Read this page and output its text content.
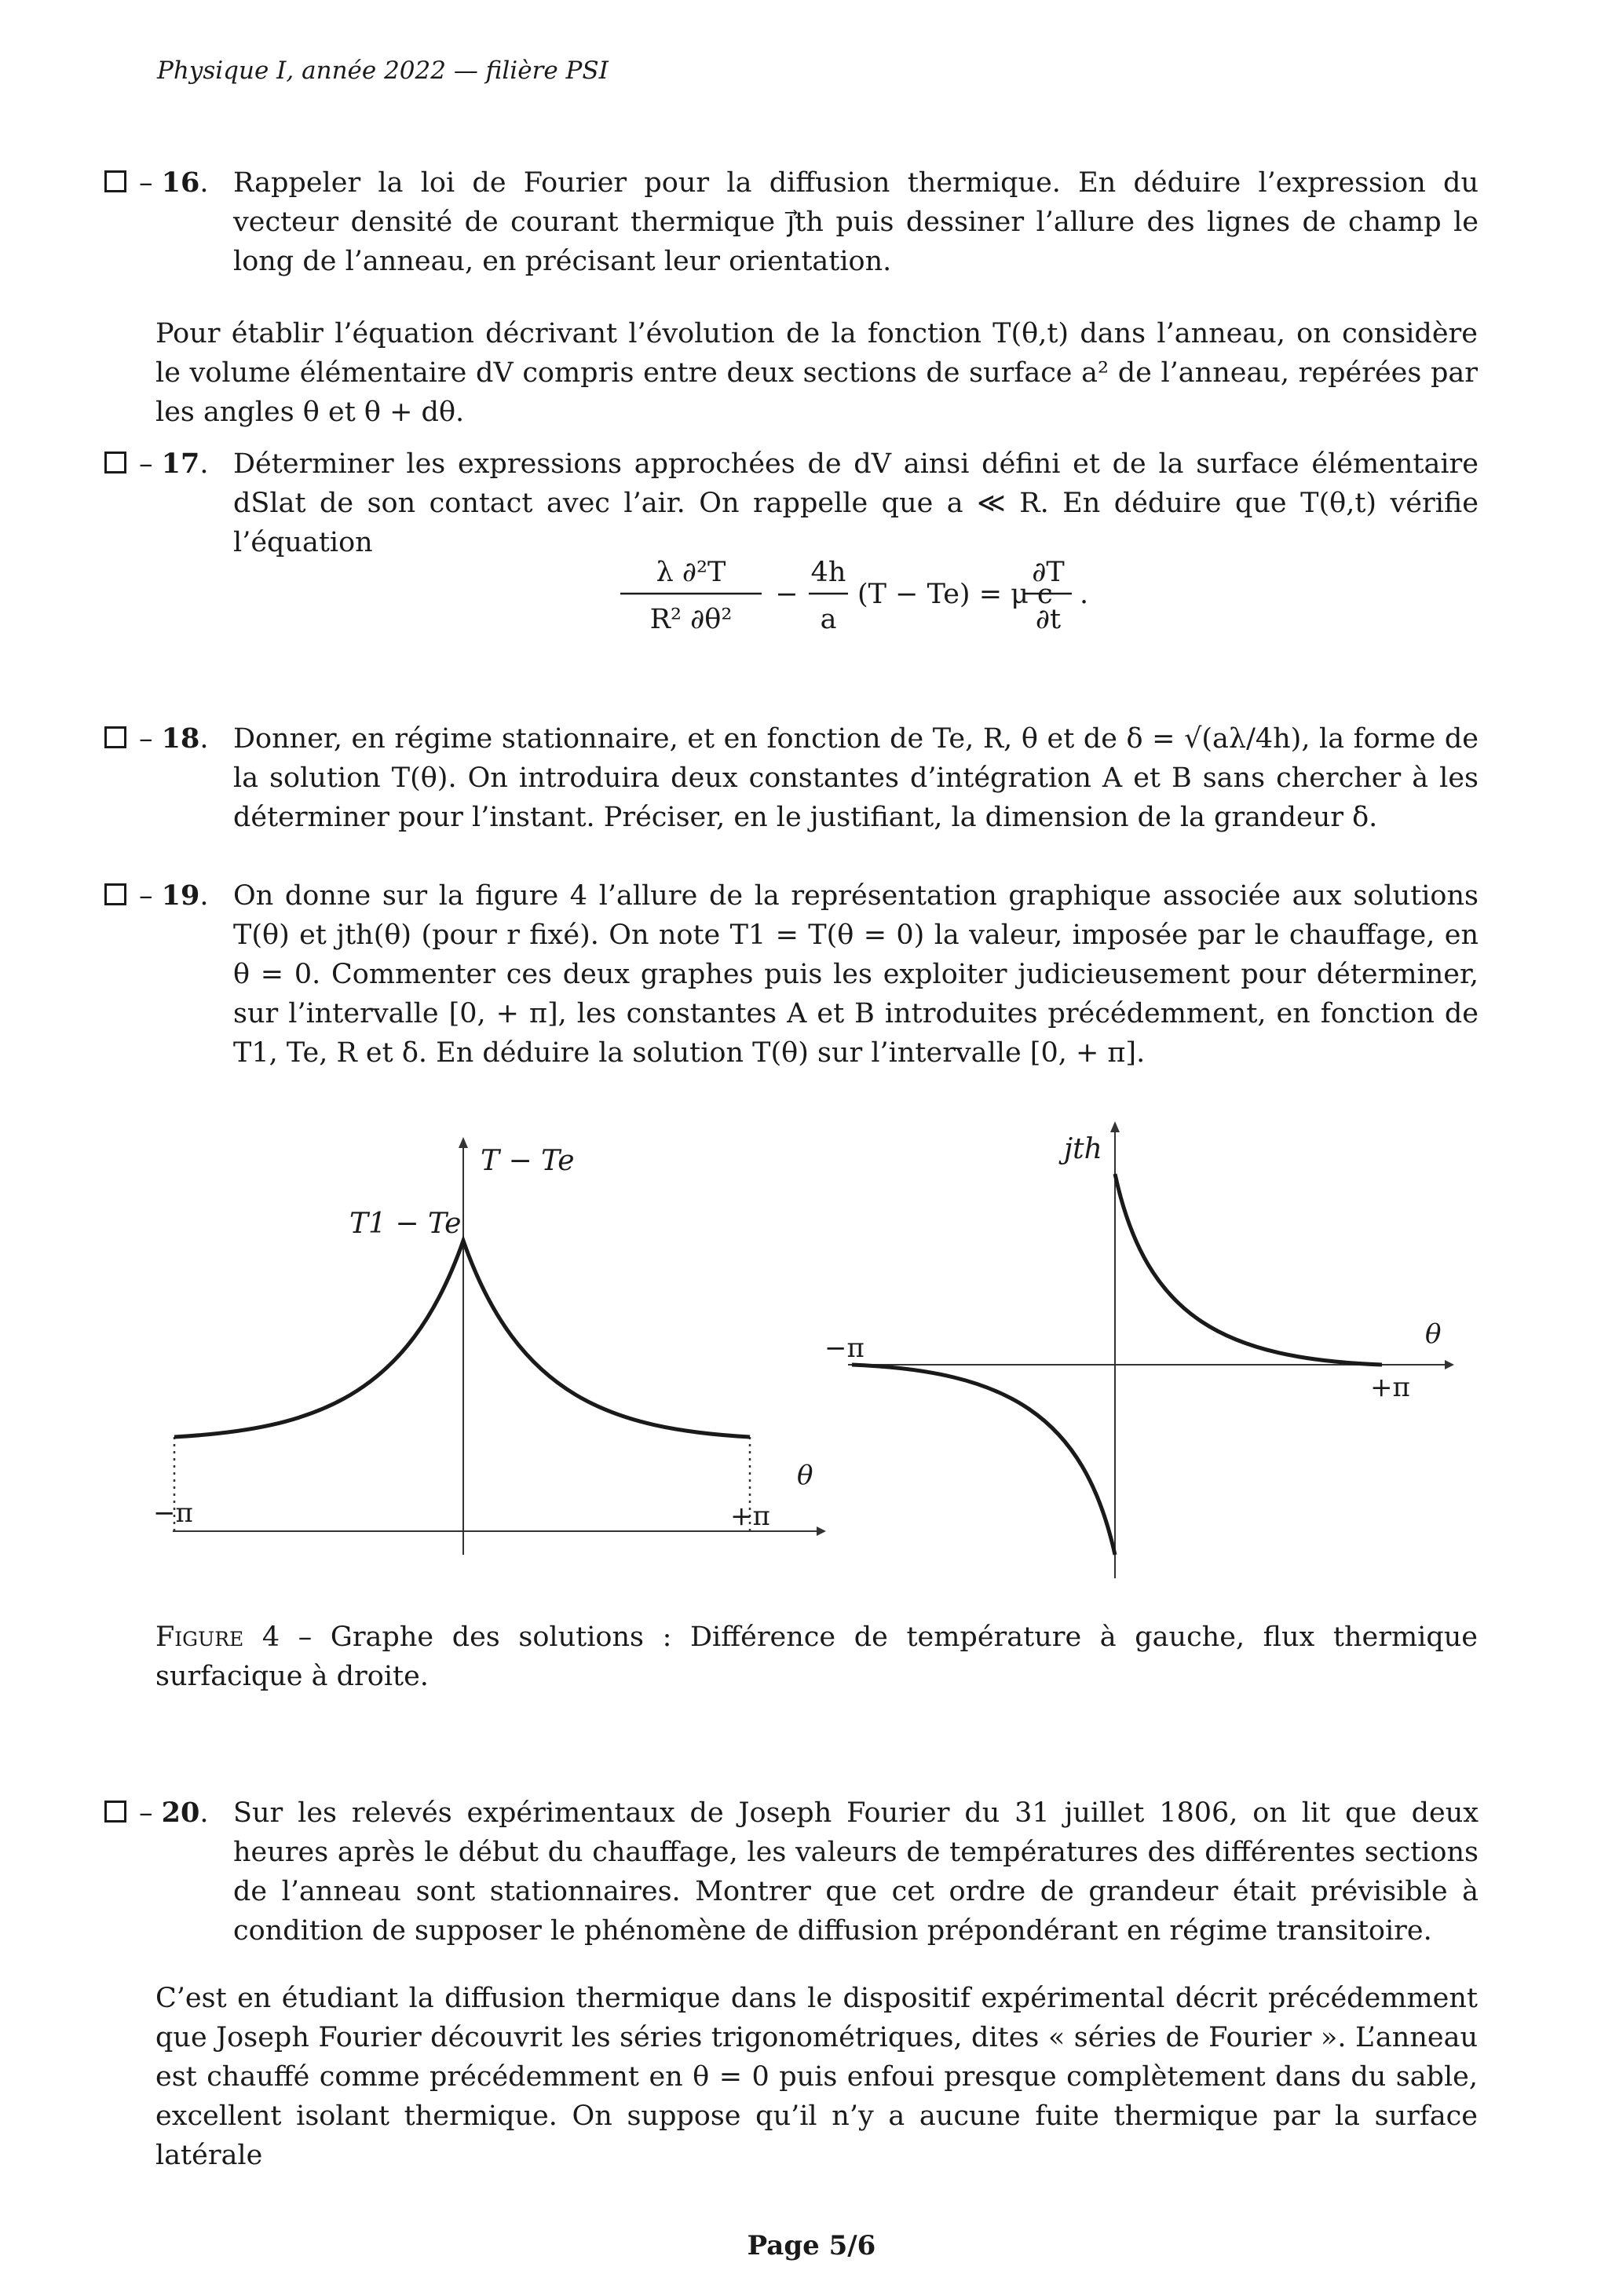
Physique I, année 2022 — filière PSI
– 16. Rappeler la loi de Fourier pour la diffusion thermique. En déduire l’expression du vecteur densité de courant thermique j⃗th puis dessiner l’allure des lignes de champ le long de l’anneau, en précisant leur orientation.
Pour établir l’équation décrivant l’évolution de la fonction T(θ,t) dans l’anneau, on considère le volume élémentaire dV compris entre deux sections de surface a² de l’anneau, repérées par les angles θ et θ + dθ.
– 17. Déterminer les expressions approchées de dV ainsi défini et de la surface élémentaire dSlat de son contact avec l’air. On rappelle que a ≪ R. En déduire que T(θ,t) vérifie l’équation
λ ∂²T
R² ∂θ²
−
4h
a
(T − Te) = μ c
∂T
∂t
.
– 18. Donner, en régime stationnaire, et en fonction de Te, R, θ et de δ = √(aλ/4h), la forme de la solution T(θ). On introduira deux constantes d’intégration A et B sans chercher à les déterminer pour l’instant. Préciser, en le justifiant, la dimension de la grandeur δ.
– 19. On donne sur la figure 4 l’allure de la représentation graphique associée aux solutions T(θ) et jth(θ) (pour r fixé). On note T1 = T(θ = 0) la valeur, imposée par le chauffage, en θ = 0. Commenter ces deux graphes puis les exploiter judicieusement pour déterminer, sur l’intervalle [0, + π], les constantes A et B introduites précédemment, en fonction de T1, Te, R et δ. En déduire la solution T(θ) sur l’intervalle [0, + π].
T − Te
T1 − Te
θ
−π	+π
jth
θ
−π
+π
Figure 4 – Graphe des solutions : Différence de température à gauche, flux thermique surfacique à droite.
– 20. Sur les relevés expérimentaux de Joseph Fourier du 31 juillet 1806, on lit que deux heures après le début du chauffage, les valeurs de températures des différentes sections de l’anneau sont stationnaires. Montrer que cet ordre de grandeur était prévisible à condition de supposer le phénomène de diffusion prépondérant en régime transitoire.
C’est en étudiant la diffusion thermique dans le dispositif expérimental décrit précédemment que Joseph Fourier découvrit les séries trigonométriques, dites « séries de Fourier ». L’anneau est chauffé comme précédemment en θ = 0 puis enfoui presque complètement dans du sable, excellent isolant thermique. On suppose qu’il n’y a aucune fuite thermique par la surface latérale
Page 5/6
